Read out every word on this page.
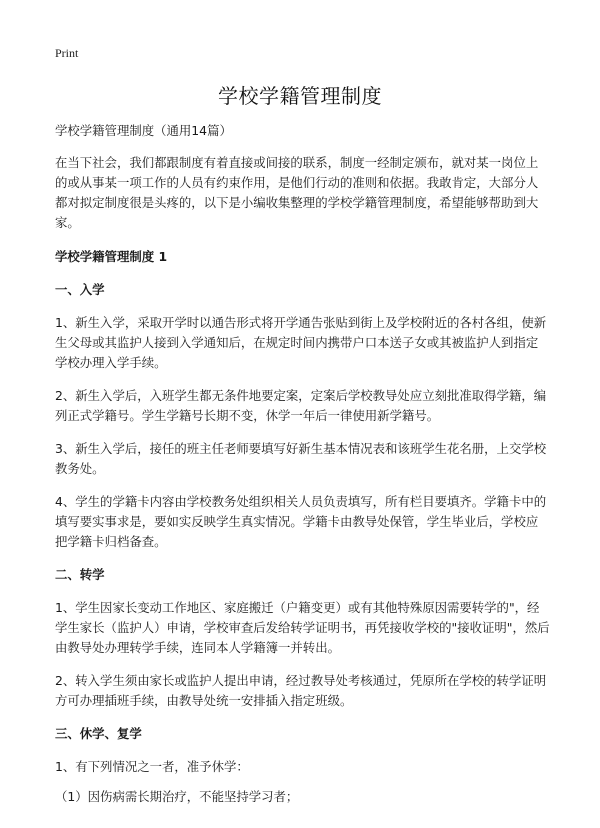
Print
学校学籍管理制度

学校学籍管理制度（通用14篇）

在当下社会，我们都跟制度有着直接或间接的联系，制度一经制定颁布，就对某一岗位上的或从事某一项工作的人员有约束作用，是他们行动的准则和依据。我敢肯定，大部分人都对拟定制度很是头疼的，以下是小编收集整理的学校学籍管理制度，希望能够帮助到大家。

学校学籍管理制度 1

一、入学

1、新生入学，采取开学时以通告形式将开学通告张贴到街上及学校附近的各村各组，使新生父母或其监护人接到入学通知后，在规定时间内携带户口本送子女或其被监护人到指定学校办理入学手续。

2、新生入学后，入班学生都无条件地要定案，定案后学校教导处应立刻批准取得学籍，编列正式学籍号。学生学籍号长期不变，休学一年后一律使用新学籍号。

3、新生入学后，接任的班主任老师要填写好新生基本情况表和该班学生花名册，上交学校教务处。

4、学生的学籍卡内容由学校教务处组织相关人员负责填写，所有栏目要填齐。学籍卡中的填写要实事求是，要如实反映学生真实情况。学籍卡由教导处保管，学生毕业后，学校应把学籍卡归档备查。

二、转学

1、学生因家长变动工作地区、家庭搬迁（户籍变更）或有其他特殊原因需要转学的"，经学生家长（监护人）申请，学校审查后发给转学证明书，再凭接收学校的"接收证明"，然后由教导处办理转学手续，连同本人学籍簿一并转出。

2、转入学生须由家长或监护人提出申请，经过教导处考核通过，凭原所在学校的转学证明方可办理插班手续，由教导处统一安排插入指定班级。

三、休学、复学

1、有下列情况之一者，准予休学：

（1）因伤病需长期治疗，不能坚持学习者；
